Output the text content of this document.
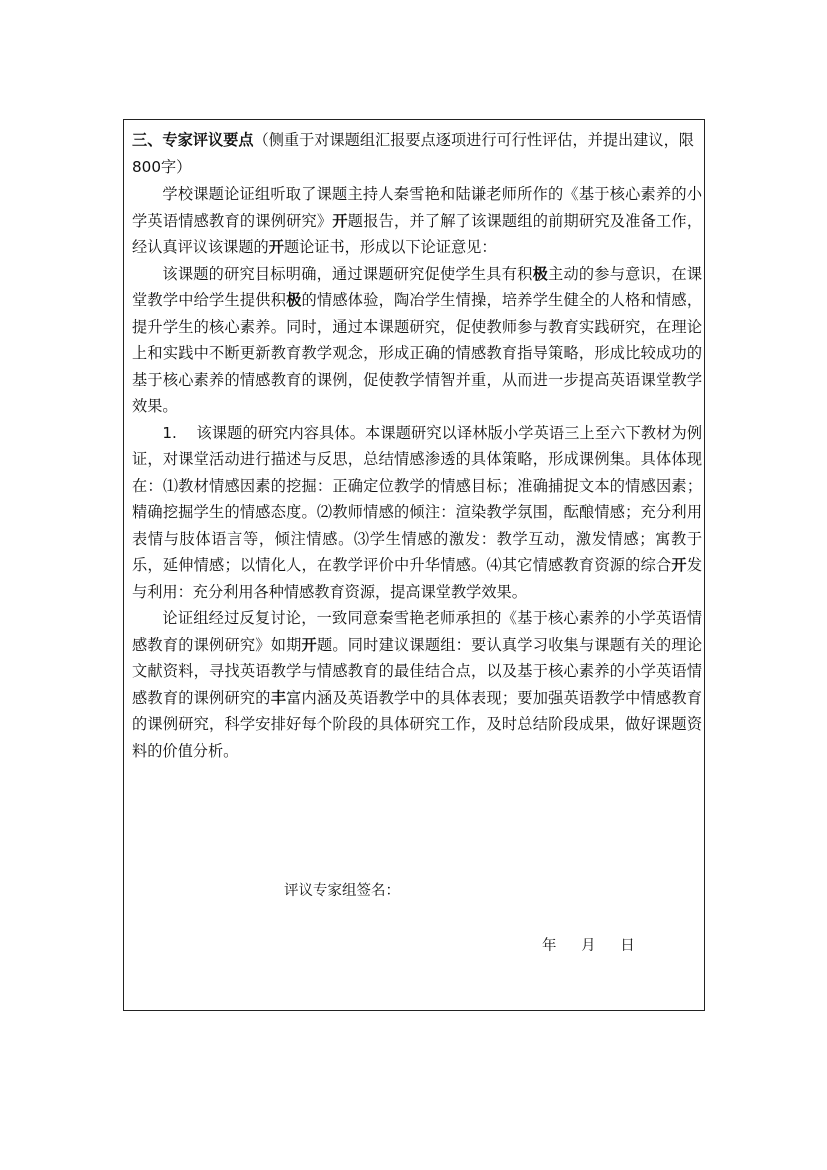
三、专家评议要点（侧重于对课题组汇报要点逐项进行可行性评估，并提出建议，限 800字）

学校课题论证组听取了课题主持人秦雪艳和陆谦老师所作的《基于核心素养的小学英语情感教育的课例研究》开题报告，并了解了该课题组的前期研究及准备工作，经认真评议该课题的开题论证书，形成以下论证意见：

该课题的研究目标明确，通过课题研究促使学生具有积极主动的参与意识，在课堂教学中给学生提供积极的情感体验，陶冶学生情操，培养学生健全的人格和情感，提升学生的核心素养。同时，通过本课题研究，促使教师参与教育实践研究，在理论上和实践中不断更新教育教学观念，形成正确的情感教育指导策略，形成比较成功的基于核心素养的情感教育的课例，促使教学情智并重，从而进一步提高英语课堂教学效果。

1. 该课题的研究内容具体。本课题研究以译林版小学英语三上至六下教材为例证，对课堂活动进行描述与反思，总结情感渗透的具体策略，形成课例集。具体体现在：⑴教材情感因素的挖掘：正确定位教学的情感目标；准确捕捉文本的情感因素；精确挖掘学生的情感态度。⑵教师情感的倾注：渲染教学氛围，酝酿情感；充分利用表情与肢体语言等，倾注情感。⑶学生情感的激发：教学互动，激发情感；寓教于乐，延伸情感；以情化人，在教学评价中升华情感。⑷其它情感教育资源的综合开发与利用：充分利用各种情感教育资源，提高课堂教学效果。

论证组经过反复讨论，一致同意秦雪艳老师承担的《基于核心素养的小学英语情感教育的课例研究》如期开题。同时建议课题组：要认真学习收集与课题有关的理论文献资料，寻找英语教学与情感教育的最佳结合点，以及基于核心素养的小学英语情感教育的课例研究的丰富内涵及英语教学中的具体表现；要加强英语教学中情感教育的课例研究，科学安排好每个阶段的具体研究工作，及时总结阶段成果，做好课题资料的价值分析。

评议专家组签名：
年 月 日
